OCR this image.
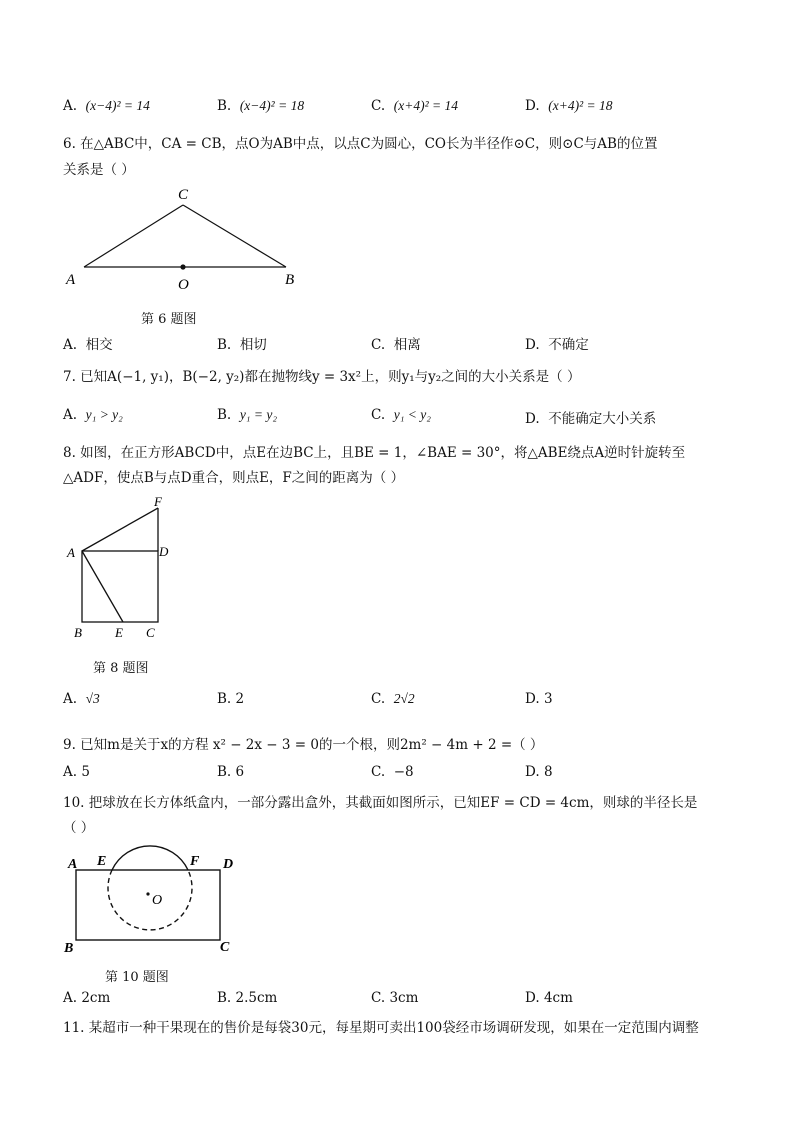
A. (x−4)² = 14	B. (x−4)² = 18	C. (x+4)² = 14	D. (x+4)² = 18
6. 在△ABC中，CA = CB，点O为AB中点，以点C为圆心，CO长为半径作⊙C，则⊙C与AB的位置
关系是（ ）
C
A	B
O
第 6 题图
A. 相交	B. 相切	C. 相离	D. 不确定
7. 已知A(−1, y₁)，B(−2, y₂)都在抛物线y = 3x²上，则y₁与y₂之间的大小关系是（ ）
A. y₁ > y₂	B. y₁ = y₂	C. y₁ < y₂	D. 不能确定大小关系
8. 如图，在正方形ABCD中，点E在边BC上，且BE = 1，∠BAE = 30°，将△ABE绕点A逆时针旋转至
△ADF，使点B与点D重合，则点E，F之间的距离为（ ）
F
A	D
B	E C
第 8 题图
A. √3	B. 2	C. 2√2	D. 3
9. 已知m是关于x的方程 x² − 2x − 3 = 0的一个根，则2m² − 4m + 2 =（ ）
A. 5	B. 6	C. −8	D. 8
10. 把球放在长方体纸盒内，一部分露出盒外，其截面如图所示，已知EF = CD = 4cm，则球的半径长是
（ ）
O
A E	F D
B	C
第 10 题图
A. 2cm	B. 2.5cm	C. 3cm	D. 4cm
11. 某超市一种干果现在的售价是每袋30元，每星期可卖出100袋经市场调研发现，如果在一定范围内调整
